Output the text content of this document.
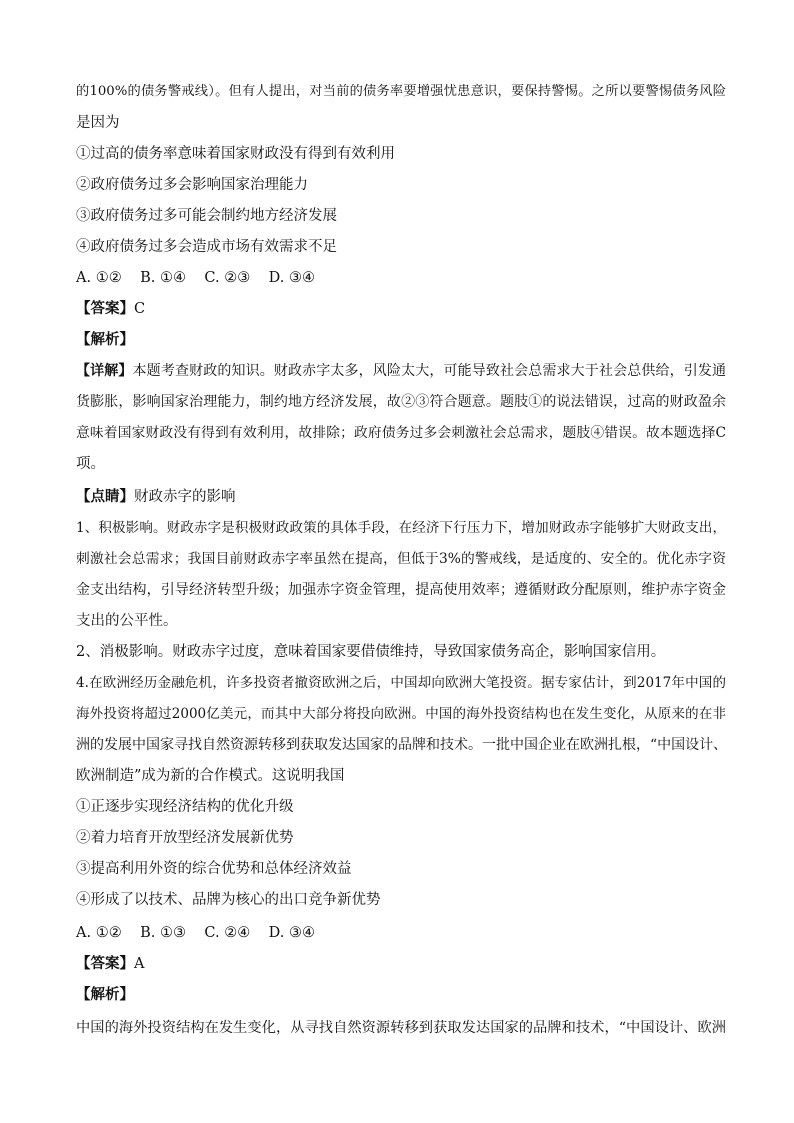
的100%的债务警戒线）。但有人提出，对当前的债务率要增强忧患意识，要保持警惕。之所以要警惕债务风险
是因为
①过高的债务率意味着国家财政没有得到有效利用
②政府债务过多会影响国家治理能力
③政府债务过多可能会制约地方经济发展
④政府债务过多会造成市场有效需求不足
A. ①②    B. ①④    C. ②③    D. ③④
【答案】C
【解析】
【详解】本题考查财政的知识。财政赤字太多，风险太大，可能导致社会总需求大于社会总供给，引发通
货膨胀，影响国家治理能力，制约地方经济发展，故②③符合题意。题肢①的说法错误，过高的财政盈余
意味着国家财政没有得到有效利用，故排除；政府债务过多会刺激社会总需求，题肢④错误。故本题选择C
项。
【点睛】财政赤字的影响
1、积极影响。财政赤字是积极财政政策的具体手段，在经济下行压力下，增加财政赤字能够扩大财政支出，
刺激社会总需求；我国目前财政赤字率虽然在提高，但低于3%的警戒线，是适度的、安全的。优化赤字资
金支出结构，引导经济转型升级；加强赤字资金管理，提高使用效率；遵循财政分配原则，维护赤字资金
支出的公平性。
2、消极影响。财政赤字过度，意味着国家要借债维持，导致国家债务高企，影响国家信用。
4.在欧洲经历金融危机，许多投资者撤资欧洲之后，中国却向欧洲大笔投资。据专家估计，到2017年中国的
海外投资将超过2000亿美元，而其中大部分将投向欧洲。中国的海外投资结构也在发生变化，从原来的在非
洲的发展中国家寻找自然资源转移到获取发达国家的品牌和技术。一批中国企业在欧洲扎根，“中国设计、
欧洲制造”成为新的合作模式。这说明我国
①正逐步实现经济结构的优化升级
②着力培育开放型经济发展新优势
③提高利用外资的综合优势和总体经济效益
④形成了以技术、品牌为核心的出口竞争新优势
A. ①②    B. ①③    C. ②④    D. ③④
【答案】A
【解析】
中国的海外投资结构在发生变化，从寻找自然资源转移到获取发达国家的品牌和技术，“中国设计、欧洲
